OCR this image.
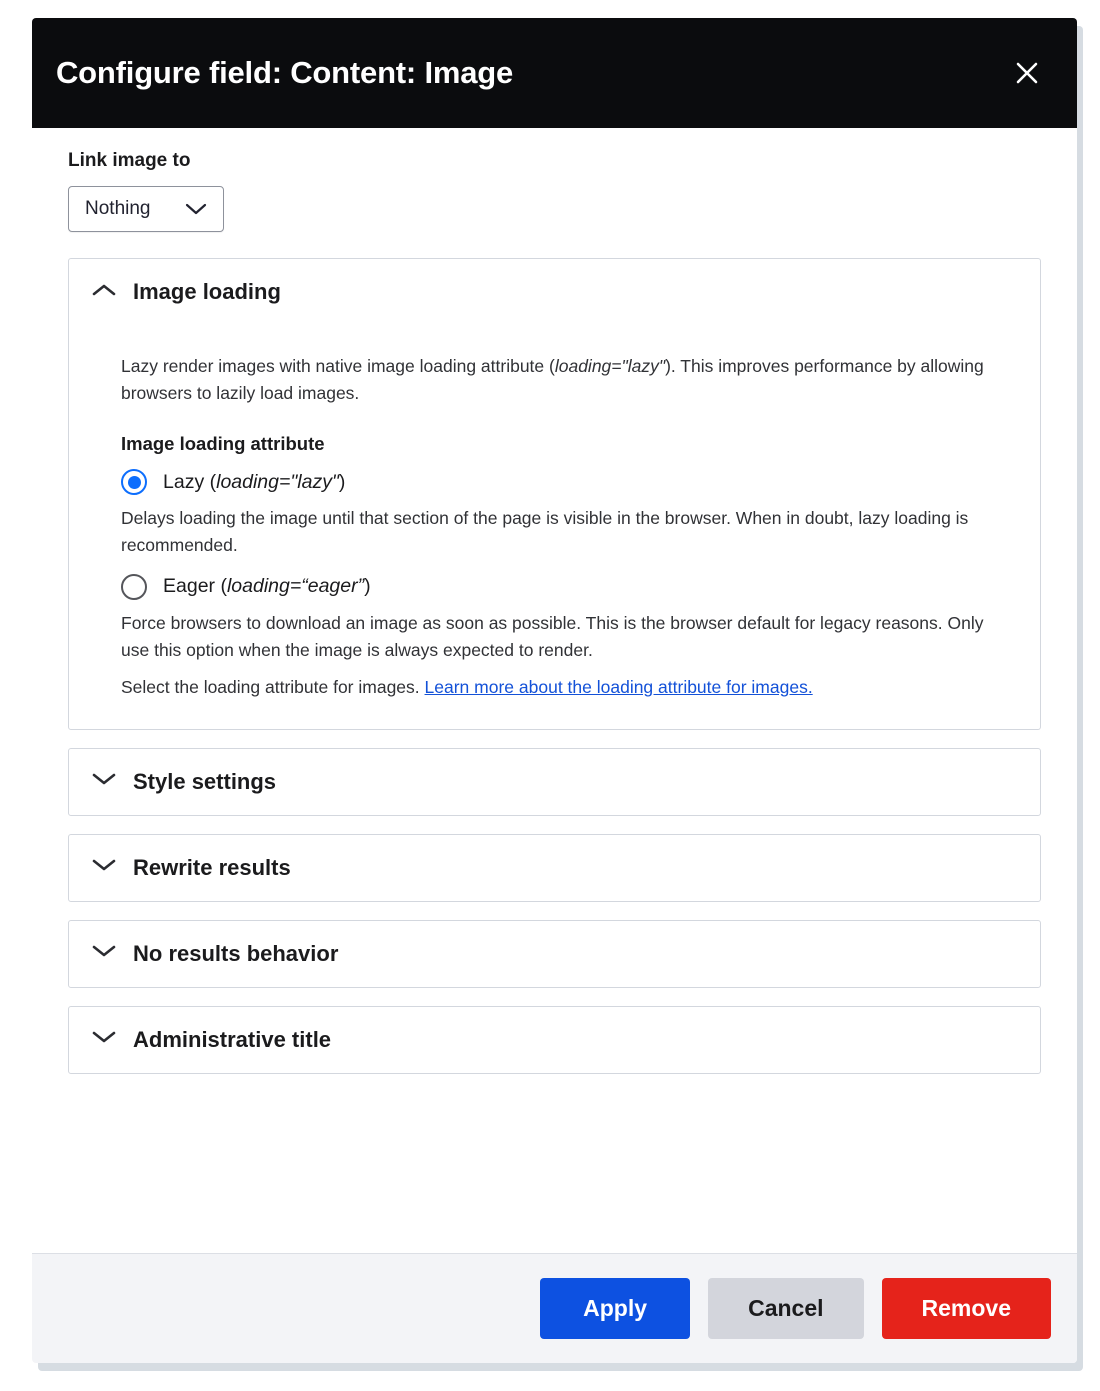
Configure field: Content: Image
Link image to
Nothing
Image loading

Lazy render images with native image loading attribute (loading="lazy"). This improves performance by allowing browsers to lazily load images.

Image loading attribute
Lazy (loading="lazy")

Delays loading the image until that section of the page is visible in the browser. When in doubt, lazy loading is recommended.

Eager (loading=“eager”)

Force browsers to download an image as soon as possible. This is the browser default for legacy reasons. Only use this option when the image is always expected to render.

Select the loading attribute for images. Learn more about the loading attribute for images.

Style settings
Rewrite results
No results behavior
Administrative title
Apply	Cancel	Remove
